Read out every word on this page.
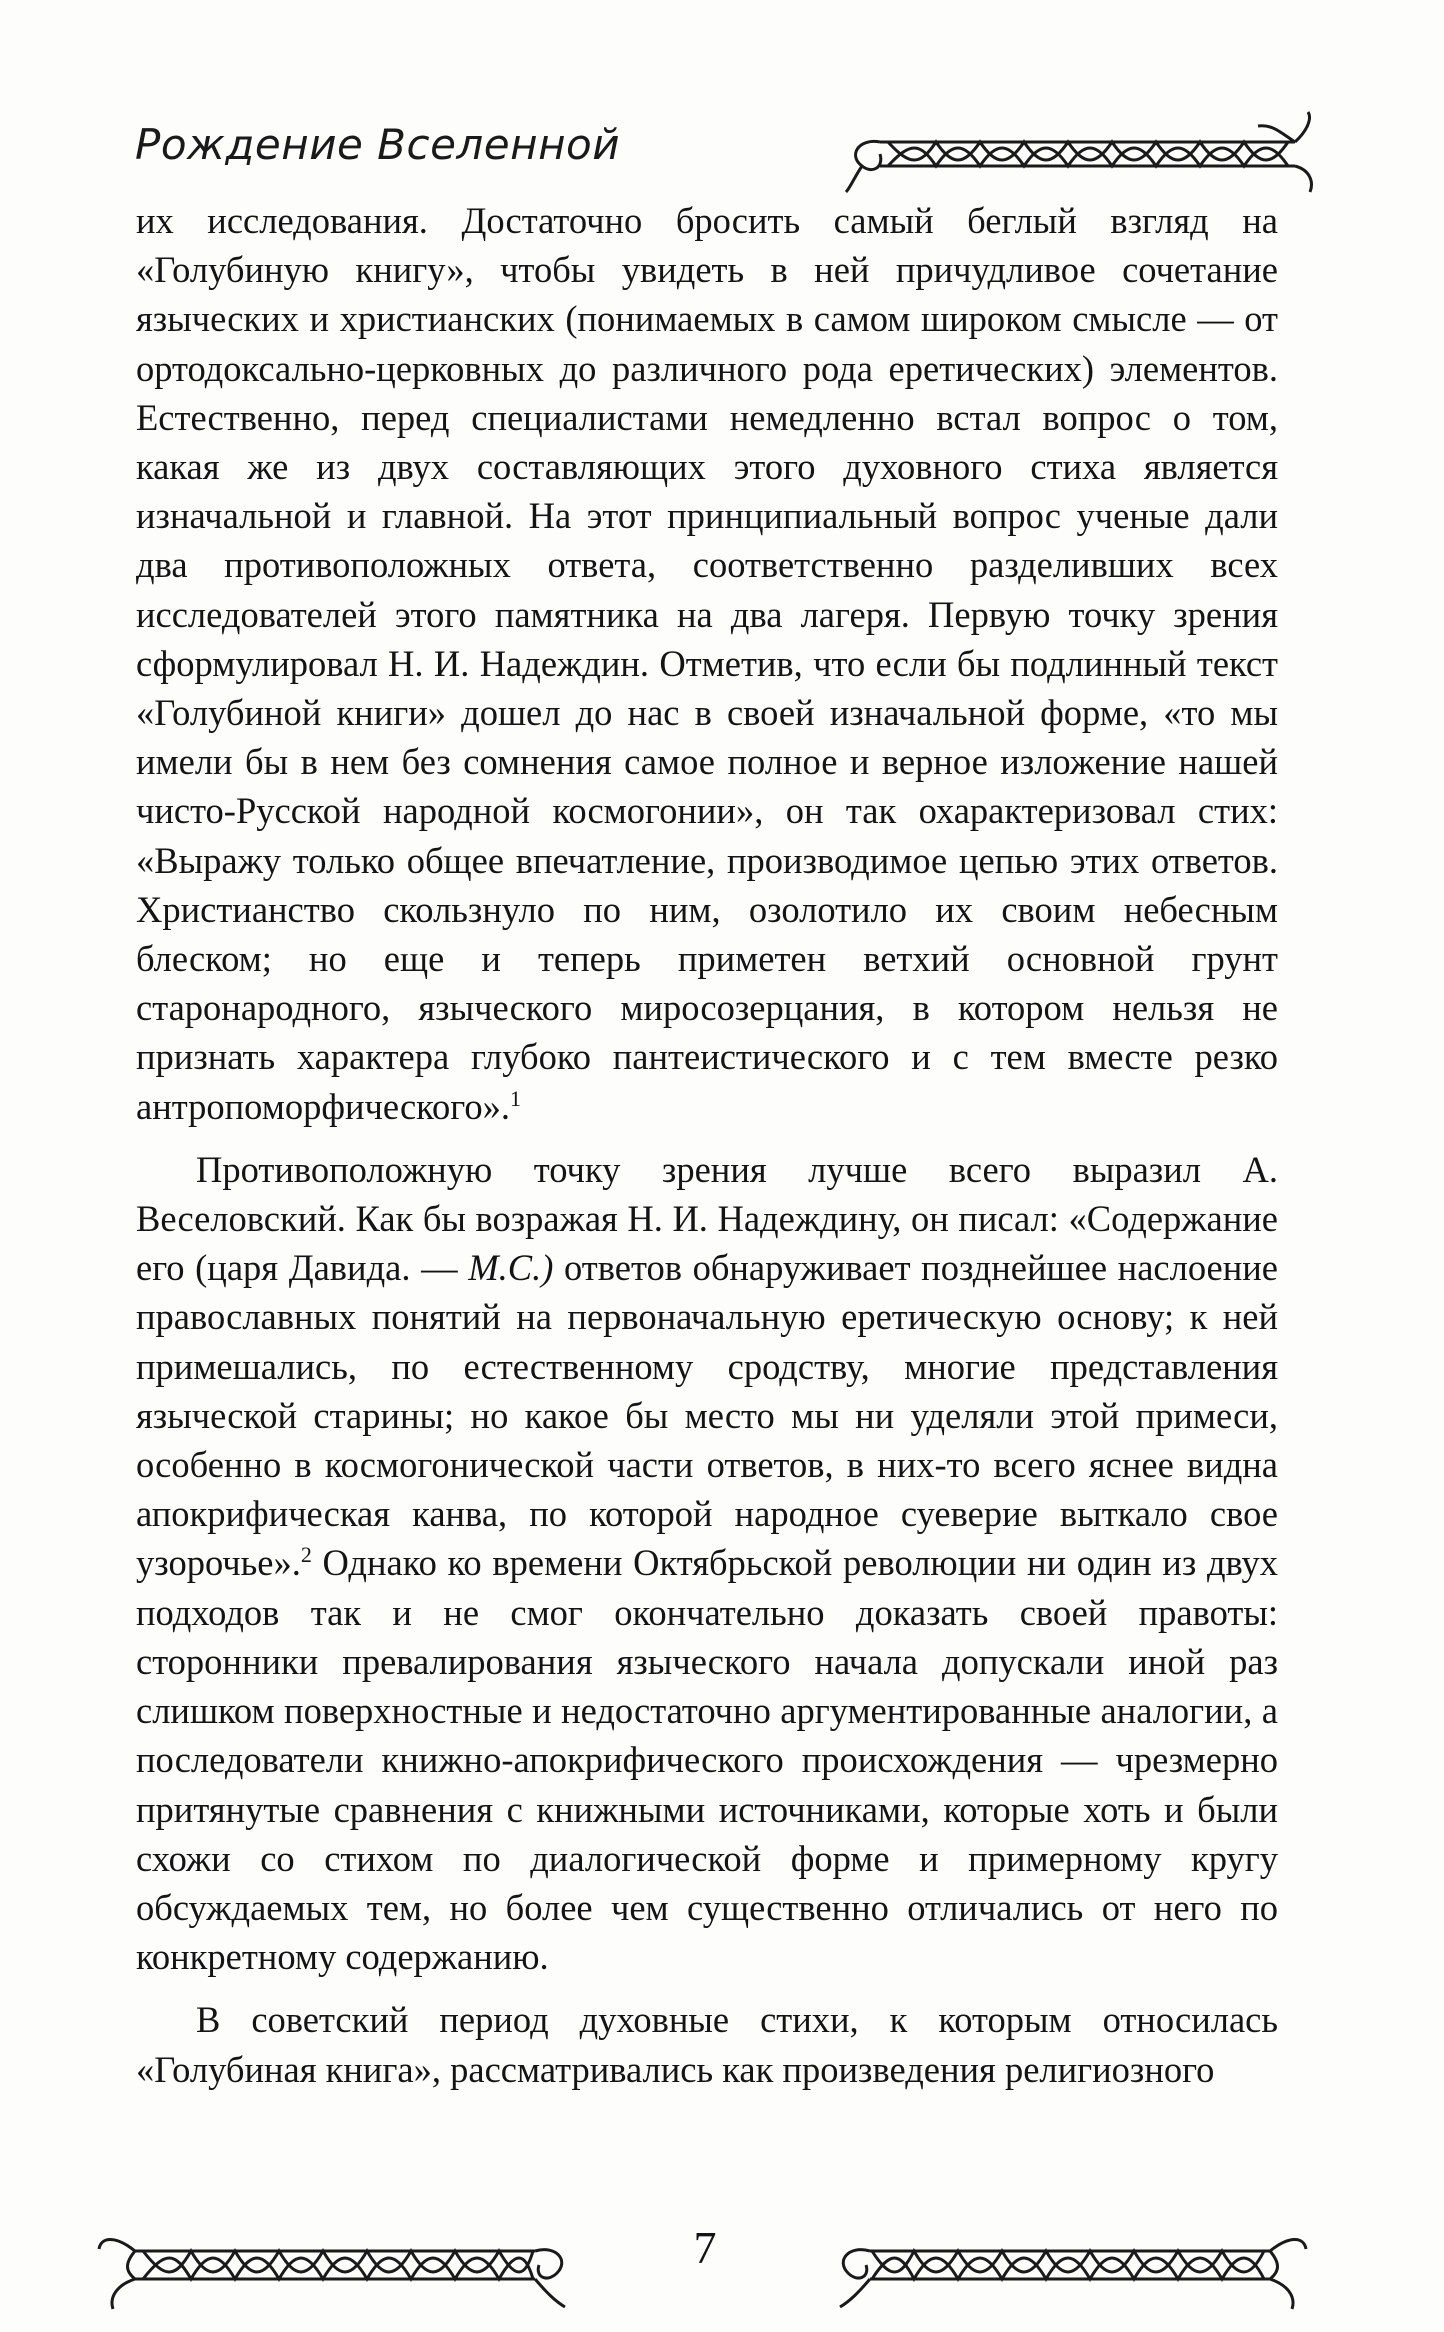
Рождение Вселенной

их исследования. Достаточно бросить самый беглый взгляд на «Голубиную книгу», чтобы увидеть в ней причудливое сочетание языческих и христианских (понимаемых в самом широком смысле — от ортодоксально-церковных до различного рода еретических) элементов. Естественно, перед специалистами немедленно встал вопрос о том, какая же из двух составляющих этого духовного стиха является изначальной и главной. На этот принципиальный вопрос ученые дали два противоположных ответа, соответственно разделивших всех исследователей этого памятника на два лагеря. Первую точку зрения сформулировал Н. И. Надеждин. Отметив, что если бы подлинный текст «Голубиной книги» дошел до нас в своей изначальной форме, «то мы имели бы в нем без сомнения самое полное и верное изложение нашей чисто-Русской народной космогонии», он так охарактеризовал стих: «Выражу только общее впечатление, производимое цепью этих ответов. Христианство скользнуло по ним, озолотило их своим небесным блеском; но еще и теперь приметен ветхий основной грунт старонародного, языческого миросозерцания, в котором нельзя не признать характера глубоко пантеистического и с тем вместе резко антропоморфического».$^1$

Противоположную точку зрения лучше всего выразил А. Веселовский. Как бы возражая Н. И. Надеждину, он писал: «Содержание его (царя Давида. — М.С.) ответов обнаруживает позднейшее наслоение православных понятий на первоначальную еретическую основу; к ней примешались, по естественному сродству, многие представления языческой старины; но какое бы место мы ни уделяли этой примеси, особенно в космогонической части ответов, в них-то всего яснее видна апокрифическая канва, по которой народное суеверие выткало свое узорочье».$^2$ Однако ко времени Октябрьской революции ни один из двух подходов так и не смог окончательно доказать своей правоты: сторонники превалирования языческого начала допускали иной раз слишком поверхностные и недостаточно аргументированные аналогии, а последователи книжно-апокрифического происхождения — чрезмерно притянутые сравнения с книжными источниками, которые хоть и были схожи со стихом по диалогической форме и примерному кругу обсуждаемых тем, но более чем существенно отличались от него по конкретному содержанию.

В советский период духовные стихи, к которым относилась «Голубиная книга», рассматривались как произведения религиозного

7
